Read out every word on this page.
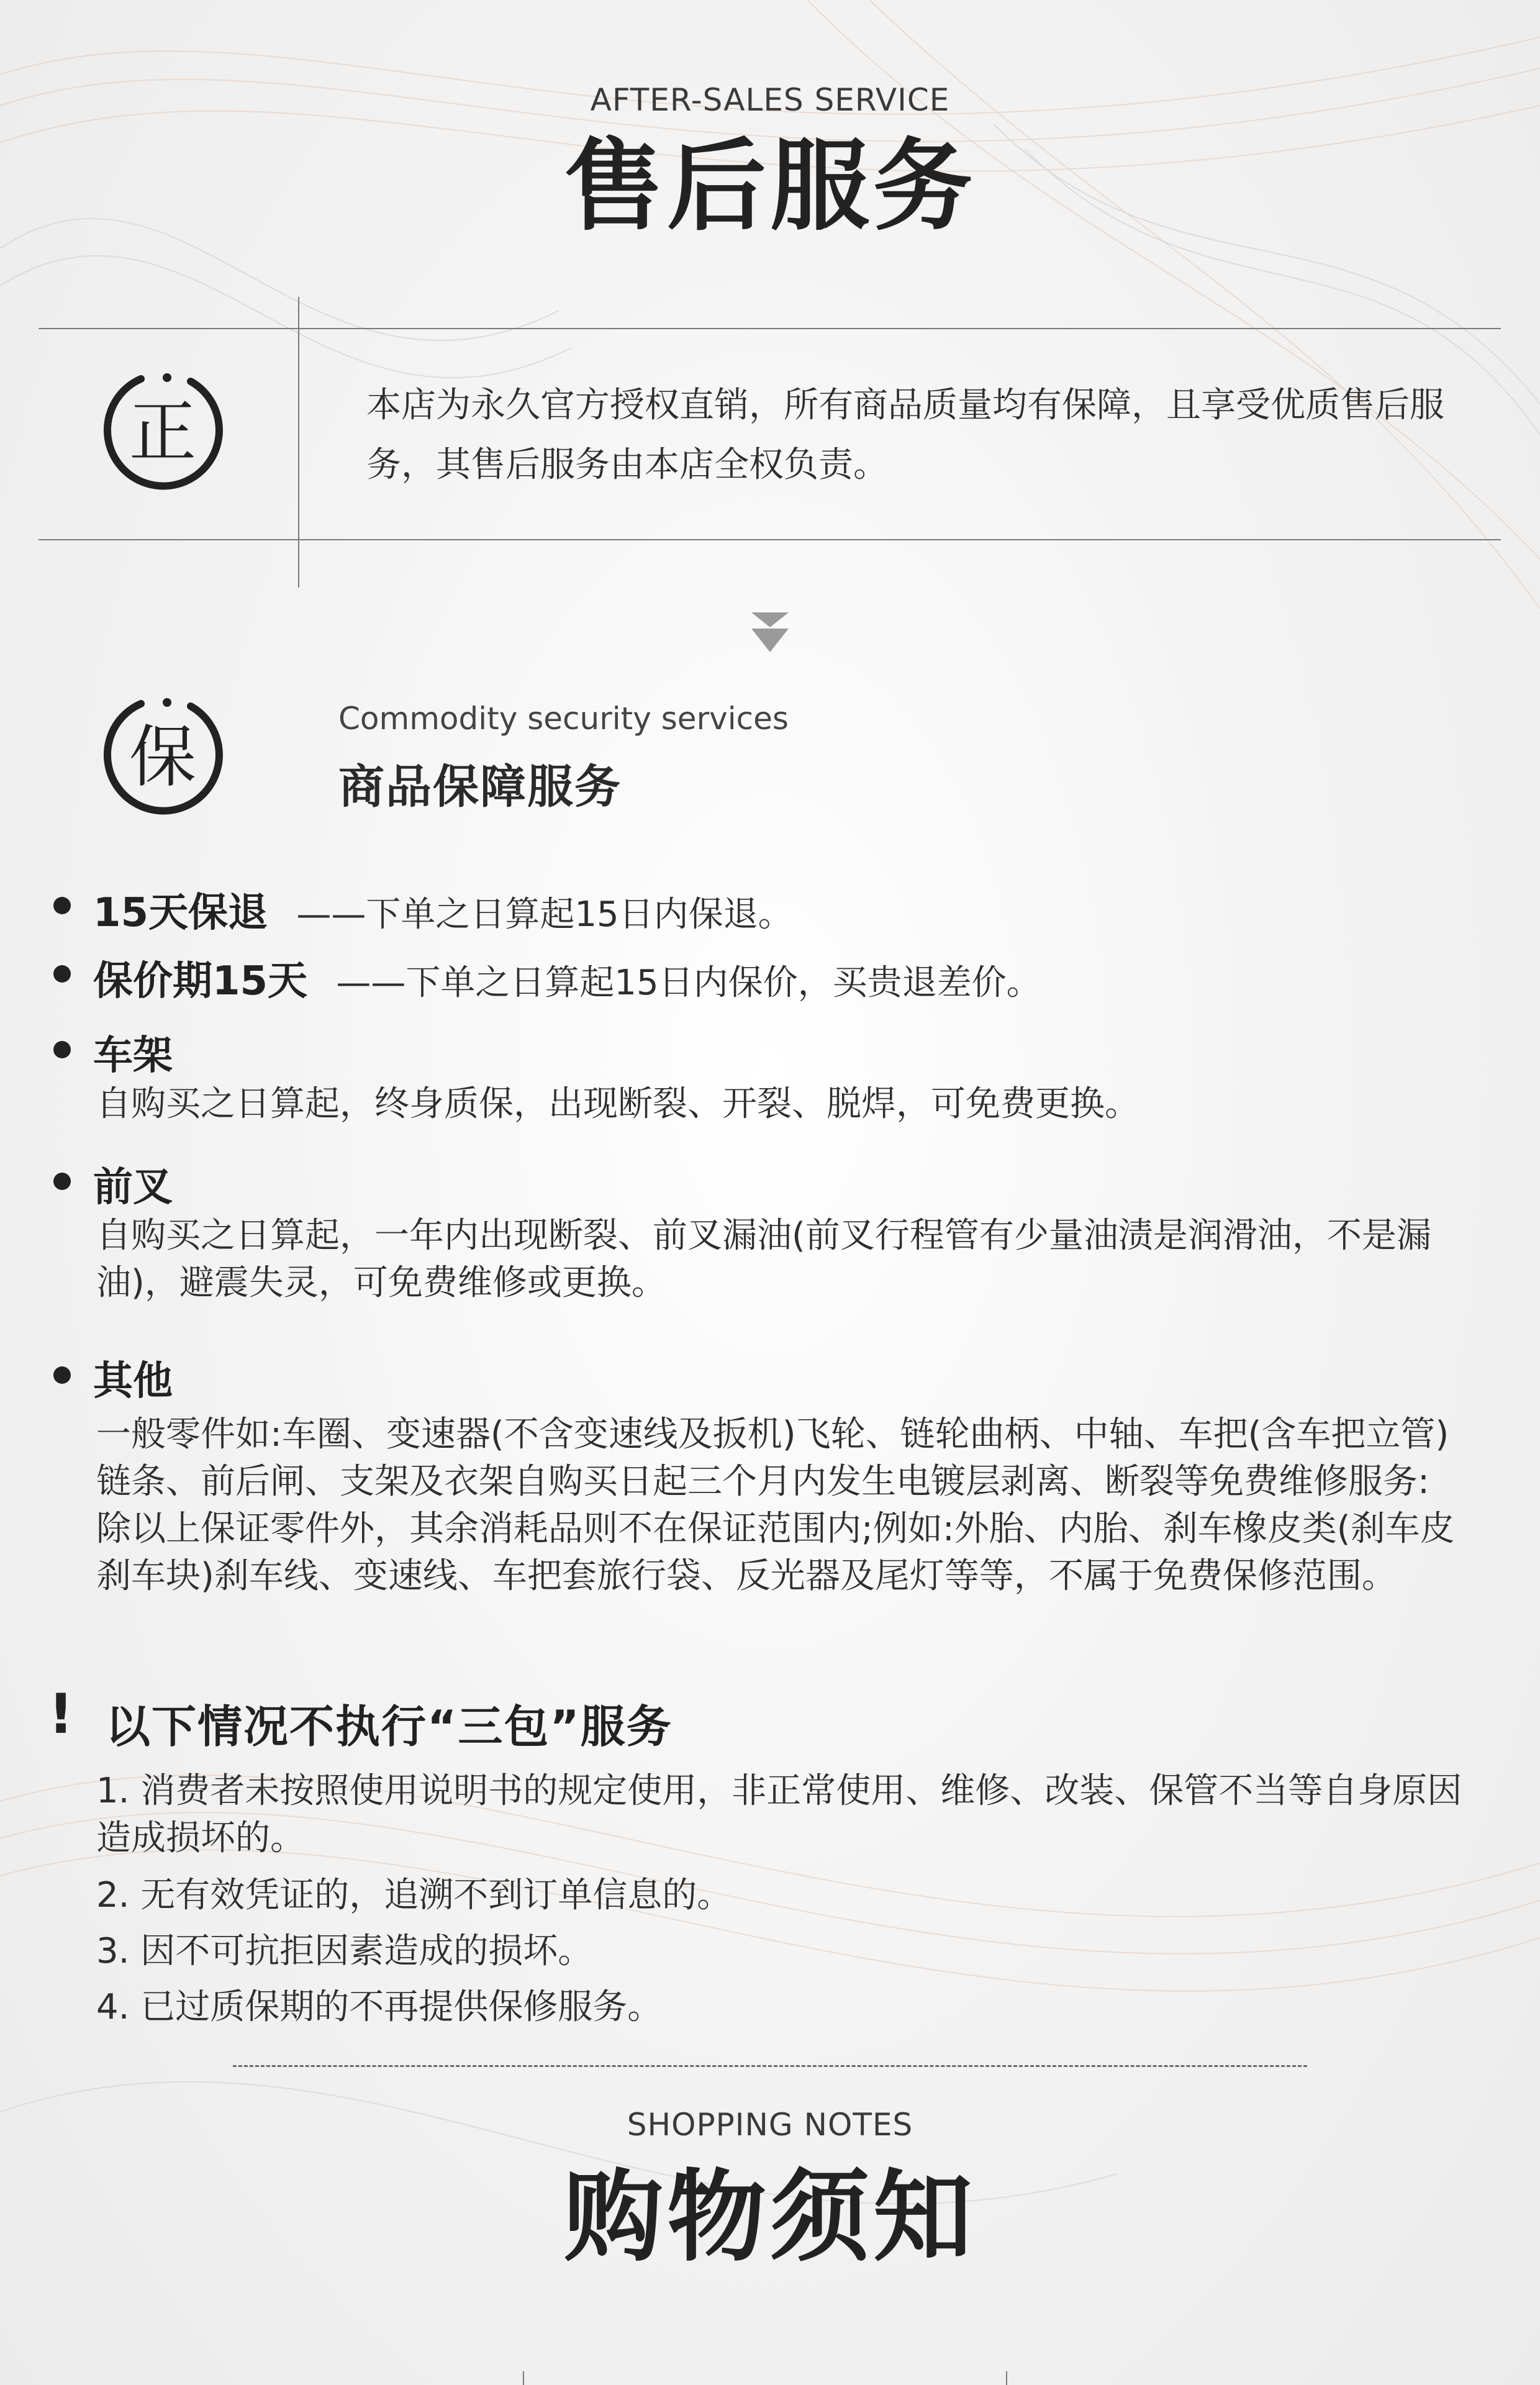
AFTER-SALES SERVICE
售后服务
正	本店为永久官方授权直销，所有商品质量均有保障，且享受优质售后服务，其售后服务由本店全权负责。
保	Commodity security services
商品保障服务
15天保退 ——下单之日算起15日内保退。
保价期15天 ——下单之日算起15日内保价，买贵退差价。
车架
自购买之日算起，终身质保，出现断裂、开裂、脱焊，可免费更换。
前叉
自购买之日算起，一年内出现断裂、前叉漏油(前叉行程管有少量油渍是润滑油，不是漏油)，避震失灵，可免费维修或更换。
其他
一般零件如:车圈、变速器(不含变速线及扳机)飞轮、链轮曲柄、中轴、车把(含车把立管)链条、前后闸、支架及衣架自购买日起三个月内发生电镀层剥离、断裂等免费维修服务:除以上保证零件外，其余消耗品则不在保证范围内;例如:外胎、内胎、刹车橡皮类(刹车皮刹车块)刹车线、变速线、车把套旅行袋、反光器及尾灯等等，不属于免费保修范围。
! 以下情况不执行“三包”服务
1. 消费者未按照使用说明书的规定使用，非正常使用、维修、改装、保管不当等自身原因造成损坏的。
2. 无有效凭证的，追溯不到订单信息的。
3. 因不可抗拒因素造成的损坏。
4. 已过质保期的不再提供保修服务。
SHOPPING NOTES
购物须知
